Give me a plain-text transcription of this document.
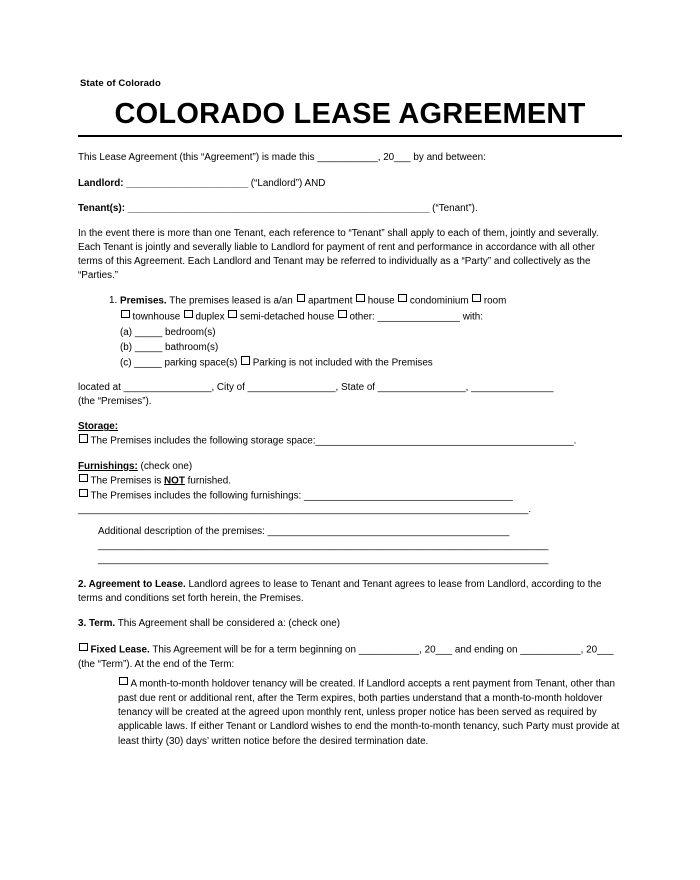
State of Colorado
COLORADO LEASE AGREEMENT

This Lease Agreement (this “Agreement”) is made this ___________, 20___ by and between:

Landlord: _______________________ (“Landlord”) AND

Tenant(s): _________________________________________________________ (“Tenant”).

In the event there is more than one Tenant, each reference to “Tenant” shall apply to each of them, jointly and severally. Each Tenant is jointly and severally liable to Landlord for payment of rent and performance in accordance with all other terms of this Agreement. Each Landlord and Tenant may be referred to individually as a “Party” and collectively as the “Parties.”

1. Premises. The premises leased is a/an apartment house condominium room
townhouse duplex semi-detached house other: _______________ with:
(a) _____ bedroom(s)
(b) _____ bathroom(s)
(c) _____ parking space(s) Parking is not included with the Premises

located at ________________, City of ________________, State of ________________, _______________
(the “Premises”).

Storage:
The Premises includes the following storage space:_______________________________________________.

Furnishings: (check one)
The Premises is NOT furnished.
The Premises includes the following furnishings: ______________________________________
__________________________________________________________________________________.
Additional description of the premises: ____________________________________________
__________________________________________________________________________________
__________________________________________________________________________________

2. Agreement to Lease. Landlord agrees to lease to Tenant and Tenant agrees to lease from Landlord, according to the terms and conditions set forth herein, the Premises.

3. Term. This Agreement shall be considered a: (check one)

Fixed Lease. This Agreement will be for a term beginning on ___________, 20___ and ending on ___________, 20___ (the “Term”). At the end of the Term:
A month-to-month holdover tenancy will be created. If Landlord accepts a rent payment from Tenant, other than past due rent or additional rent, after the Term expires, both parties understand that a month-to-month holdover tenancy will be created at the agreed upon monthly rent, unless proper notice has been served as required by applicable laws. If either Tenant or Landlord wishes to end the month-to-month tenancy, such Party must provide at least thirty (30) days’ written notice before the desired termination date.
